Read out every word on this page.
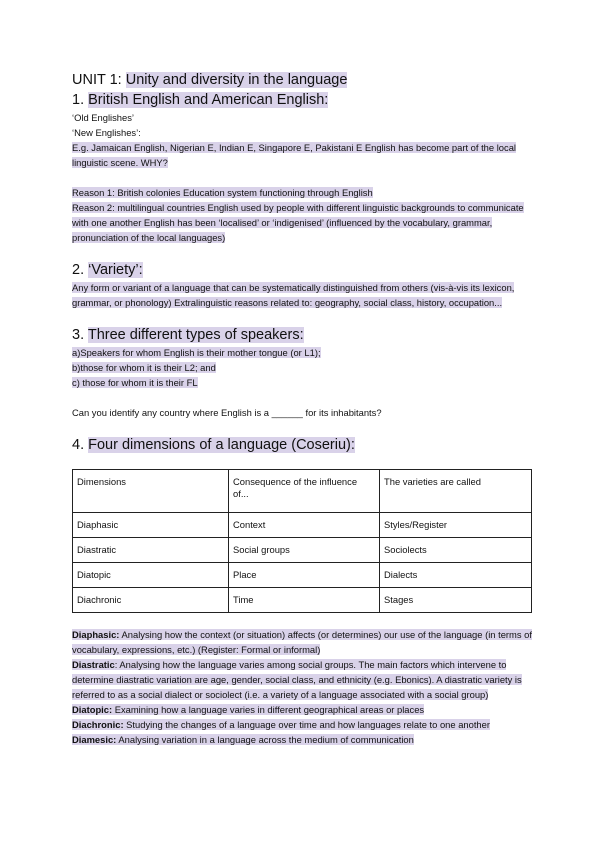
UNIT 1: Unity and diversity in the language
1. British English and American English:

‘Old Englishes’

‘New Englishes’:

E.g. Jamaican English, Nigerian E, Indian E, Singapore E, Pakistani E English has become part of the local linguistic scene. WHY?

Reason 1: British colonies Education system functioning through English

Reason 2: multilingual countries English used by people with different linguistic backgrounds to communicate with one another English has been ‘localised’ or ‘indigenised’ (influenced by the vocabulary, grammar, pronunciation of the local languages)

2. ‘Variety’:

Any form or variant of a language that can be systematically distinguished from others (vis-à-vis its lexicon, grammar, or phonology) Extralinguistic reasons related to: geography, social class, history, occupation...

3. Three different types of speakers:

a)Speakers for whom English is their mother tongue (or L1);

b)those for whom it is their L2; and

c) those for whom it is their FL

Can you identify any country where English is a ______ for its inhabitants?

4. Four dimensions of a language (Coseriu):
Dimensions	Consequence of the influence of...	The varieties are called
Diaphasic	Context	Styles/Register
Diastratic	Social groups	Sociolects
Diatopic	Place	Dialects
Diachronic	Time	Stages

Diaphasic: Analysing how the context (or situation) affects (or determines) our use of the language (in terms of vocabulary, expressions, etc.) (Register: Formal or informal)

Diastratic: Analysing how the language varies among social groups. The main factors which intervene to determine diastratic variation are age, gender, social class, and ethnicity (e.g. Ebonics). A diastratic variety is referred to as a social dialect or sociolect (i.e. a variety of a language associated with a social group)

Diatopic: Examining how a language varies in different geographical areas or places

Diachronic: Studying the changes of a language over time and how languages relate to one another

Diamesic: Analysing variation in a language across the medium of communication
